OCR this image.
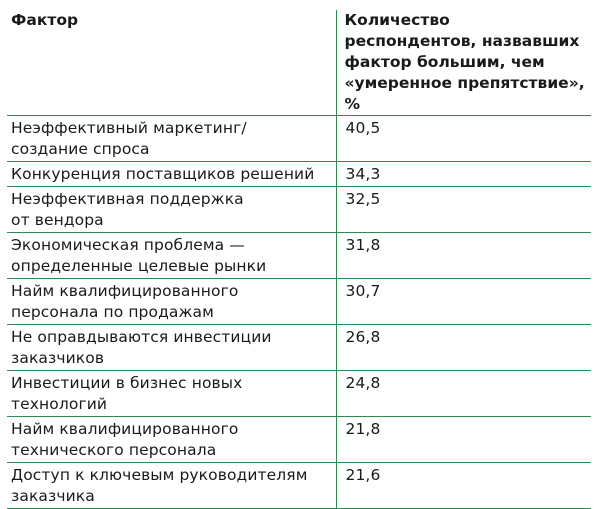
Фактор	Количество респондентов, назвавших фактор большим, чем «умеренное препятствие», %
Неэффективный маркетинг/
создание спроса	40,5
Конкуренция поставщиков решений	34,3
Неэффективная поддержка
от вендора	32,5
Экономическая проблема —
определенные целевые рынки	31,8
Найм квалифицированного
персонала по продажам	30,7
Не оправдываются инвестиции
заказчиков	26,8
Инвестиции в бизнес новых
технологий	24,8
Найм квалифицированного
технического персонала	21,8
Доступ к ключевым руководителям
заказчика	21,6
